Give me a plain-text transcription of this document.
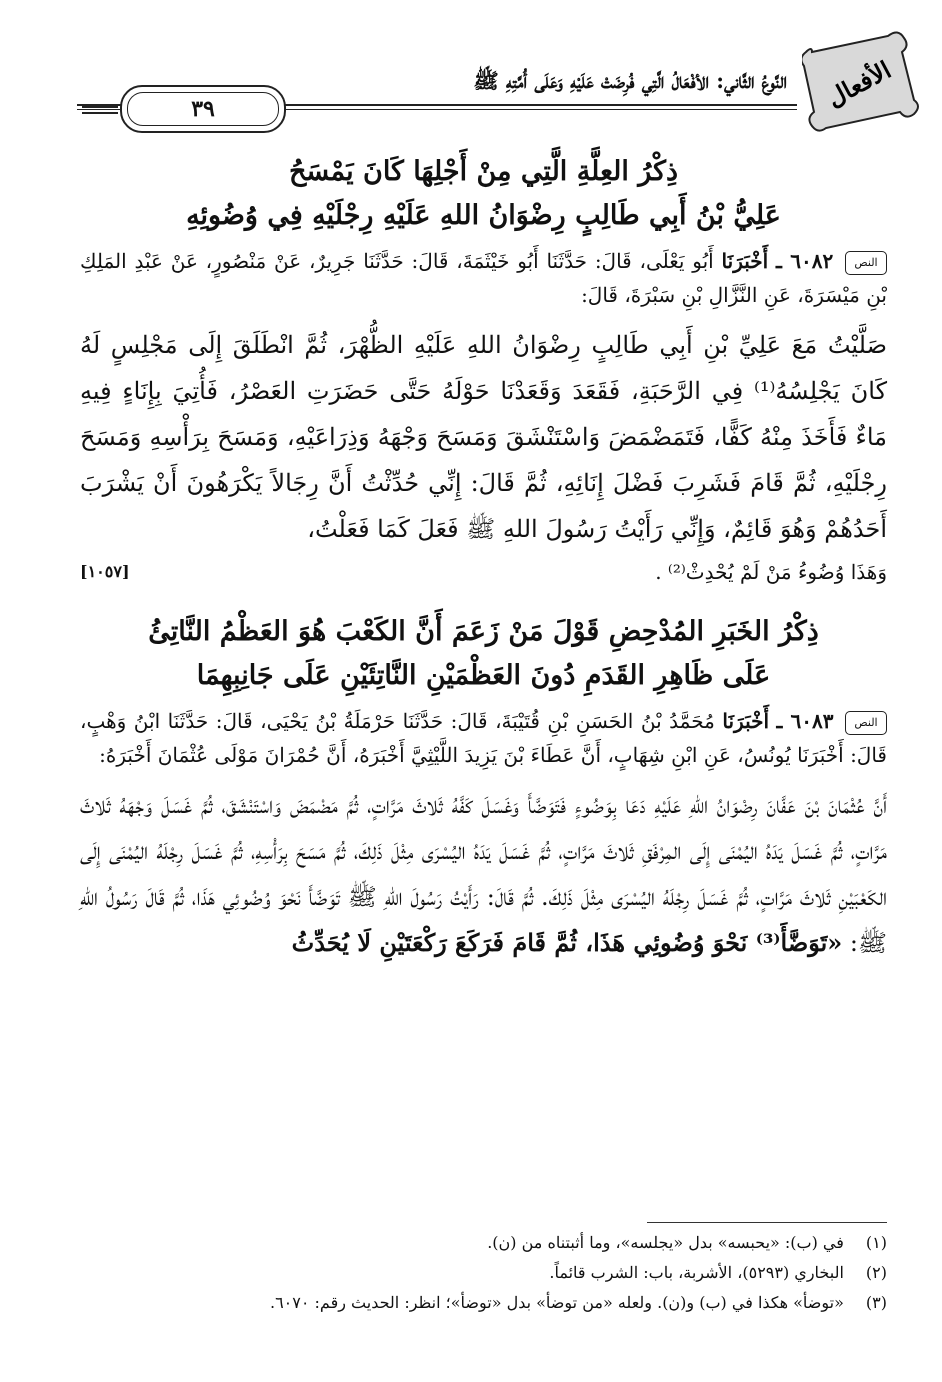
الأفعال
النَّوعُ الثَّاني: الأفْعَالُ الَّتِي فُرِضَتْ عَلَيْهِ وَعَلَى أُمَّتِهِ ﷺ
٣٩

ذِكْرُ العِلَّةِ الَّتِي مِنْ أَجْلِهَا كَانَ يَمْسَحُ
عَلِيُّ بْنُ أَبِي طَالِبٍ رِضْوَانُ اللهِ عَلَيْهِ رِجْلَيْهِ فِي وُضُوئِهِ

النص ٦٠٨٢ ـ أَخْبَرَنَا أَبُو يَعْلَى، قَالَ: حَدَّثَنَا أَبُو خَيْثَمَةَ، قَالَ: حَدَّثَنَا جَرِيرٌ، عَنْ مَنْصُورٍ، عَنْ عَبْدِ المَلِكِ بْنِ مَيْسَرَةَ، عَنِ النَّزَّالِ بْنِ سَبْرَةَ، قَالَ:

صَلَّيْتُ مَعَ عَلِيِّ بْنِ أَبِي طَالِبٍ رِضْوَانُ اللهِ عَلَيْهِ الظُّهْرَ، ثُمَّ انْطَلَقَ إِلَى مَجْلِسٍ لَهُ كَانَ يَجْلِسُهُ⁽¹⁾ فِي الرَّحَبَةِ، فَقَعَدَ وَقَعَدْنَا حَوْلَهُ حَتَّى حَضَرَتِ العَصْرُ، فَأُتِيَ بِإِنَاءٍ فِيهِ مَاءٌ فَأَخَذَ مِنْهُ كَفًّا، فَتَمَضْمَضَ وَاسْتَنْشَقَ وَمَسَحَ وَجْهَهُ وَذِرَاعَيْهِ، وَمَسَحَ بِرَأْسِهِ وَمَسَحَ رِجْلَيْهِ، ثُمَّ قَامَ فَشَرِبَ فَضْلَ إِنَائِهِ، ثُمَّ قَالَ: إِنِّي حُدِّثْتُ أَنَّ رِجَالاً يَكْرَهُونَ أَنْ يَشْرَبَ أَحَدُهُمْ وَهُوَ قَائِمٌ، وَإِنِّي رَأَيْتُ رَسُولَ اللهِ ﷺ فَعَلَ كَمَا فَعَلْتُ،

وَهَذَا وُضُوءُ مَنْ لَمْ يُحْدِثْ⁽²⁾ .
[١٠٥٧]

ذِكْرُ الخَبَرِ المُدْحِضِ قَوْلَ مَنْ زَعَمَ أَنَّ الكَعْبَ هُوَ العَظْمُ النَّاتِئُ
عَلَى ظَاهِرِ القَدَمِ دُونَ العَظْمَيْنِ النَّاتِئَيْنِ عَلَى جَانِبِهِمَا

النص ٦٠٨٣ ـ أَخْبَرَنَا مُحَمَّدُ بْنُ الحَسَنِ بْنِ قُتَيْبَةَ، قَالَ: حَدَّثَنَا حَرْمَلَةُ بْنُ يَحْيَى، قَالَ: حَدَّثَنَا ابْنُ وَهْبٍ، قَالَ: أَخْبَرَنَا يُونُسُ، عَنِ ابْنِ شِهَابٍ، أَنَّ عَطَاءَ بْنَ يَزِيدَ اللَّيْثِيَّ أَخْبَرَهُ، أَنَّ حُمْرَانَ مَوْلَى عُثْمَانَ أَخْبَرَهُ:

أَنَّ عُثْمَانَ بْنَ عَفَّانَ رِضْوَانُ اللهِ عَلَيْهِ دَعَا بِوَضُوءٍ فَتَوَضَّأَ وَغَسَلَ كَفَّهُ ثَلاثَ مَرَّاتٍ، ثُمَّ مَضْمَضَ وَاسْتَنْشَقَ، ثُمَّ غَسَلَ وَجْهَهُ ثَلاثَ مَرَّاتٍ، ثُمَّ غَسَلَ يَدَهُ اليُمْنَى إِلَى المِرْفَقِ ثَلاثَ مَرَّاتٍ، ثُمَّ غَسَلَ يَدَهُ اليُسْرَى مِثْلَ ذَلِكَ، ثُمَّ مَسَحَ بِرَأْسِهِ، ثُمَّ غَسَلَ رِجْلَهُ اليُمْنَى إِلَى الكَعْبَيْنِ ثَلاثَ مَرَّاتٍ، ثُمَّ غَسَلَ رِجْلَهُ اليُسْرَى مِثْلَ ذَلِكَ. ثُمَّ قَالَ: رَأَيْتُ رَسُولَ اللهِ ﷺ تَوَضَّأَ نَحْوَ وُضُوئِي هَذَا، ثُمَّ قَالَ رَسُولُ اللهِ ﷺ: «تَوَضَّأَ⁽³⁾ نَحْوَ وُضُوئِي هَذَا، ثُمَّ قَامَ فَرَكَعَ رَكْعَتَيْنِ لَا يُحَدِّثُ

(١) في (ب): «يحبسه» بدل «يجلسه»، وما أثبتناه من (ن).

(٢) البخاري (٥٢٩٣)، الأشربة، باب: الشرب قائماً.

(٣) «توضأ» هكذا في (ب) و(ن). ولعله «من توضأ» بدل «توضأ»؛ انظر: الحديث رقم: ٦٠٧٠.
